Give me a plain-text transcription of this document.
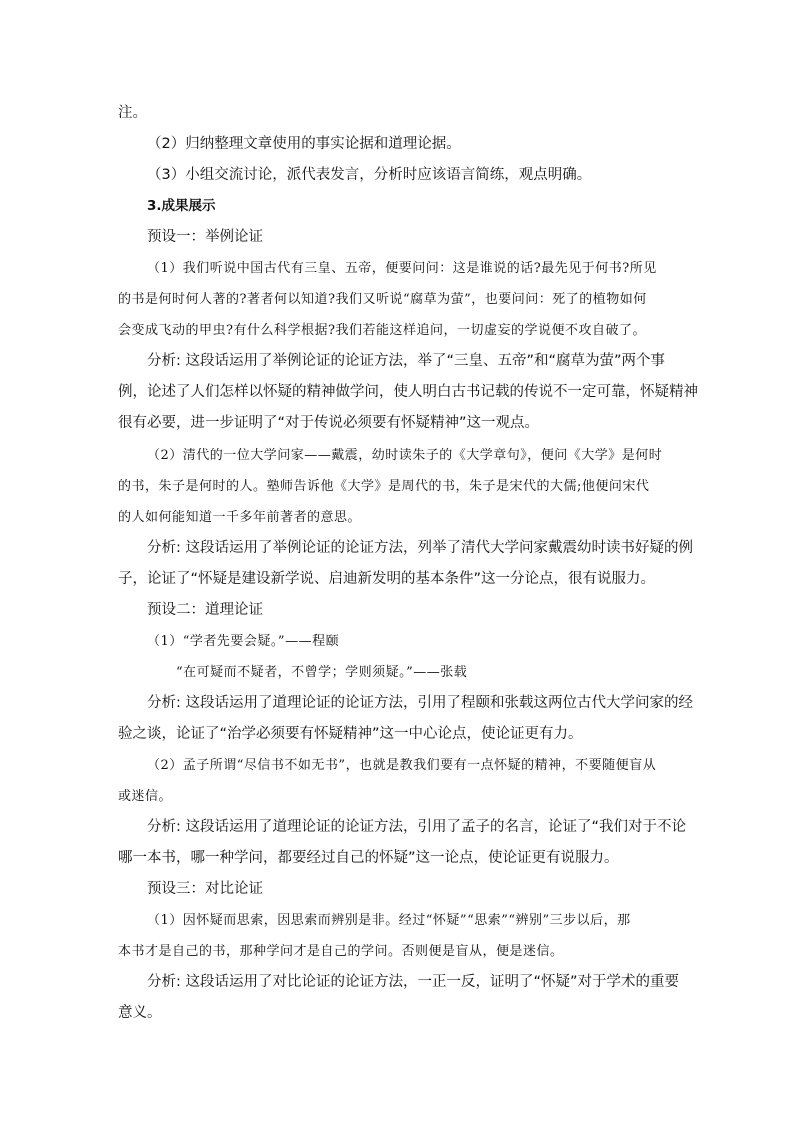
注。

（2）归纳整理文章使用的事实论据和道理论据。

（3）小组交流讨论，派代表发言，分析时应该语言简练，观点明确。

3.成果展示

预设一：举例论证

（1）我们听说中国古代有三皇、五帝，便要问问：这是谁说的话?最先见于何书?所见
的书是何时何人著的?著者何以知道?我们又听说“腐草为萤”，也要问问：死了的植物如何
会变成飞动的甲虫?有什么科学根据?我们若能这样追问，一切虚妄的学说便不攻自破了。
分析: 这段话运用了举例论证的论证方法，举了“三皇、五帝”和“腐草为萤”两个事
例，论述了人们怎样以怀疑的精神做学问，使人明白古书记载的传说不一定可靠，怀疑精神
很有必要，进一步证明了“对于传说必须要有怀疑精神”这一观点。
（2）清代的一位大学问家——戴震，幼时读朱子的《大学章句》，便问《大学》是何时
的书，朱子是何时的人。塾师告诉他《大学》是周代的书，朱子是宋代的大儒;他便问宋代
的人如何能知道一千多年前著者的意思。
分析: 这段话运用了举例论证的论证方法，列举了清代大学问家戴震幼时读书好疑的例
子，论证了“怀疑是建设新学说、启迪新发明的基本条件”这一分论点，很有说服力。

预设二：道理论证

（1）“学者先要会疑。”——程颐

“在可疑而不疑者，不曾学；学则须疑。”——张载

分析: 这段话运用了道理论证的论证方法，引用了程颐和张载这两位古代大学问家的经
验之谈，论证了“治学必须要有怀疑精神”这一中心论点，使论证更有力。
（2）孟子所谓“尽信书不如无书”，也就是教我们要有一点怀疑的精神，不要随便盲从
或迷信。
分析: 这段话运用了道理论证的论证方法，引用了孟子的名言，论证了“我们对于不论
哪一本书，哪一种学问，都要经过自己的怀疑”这一论点，使论证更有说服力。

预设三：对比论证

（1）因怀疑而思索，因思索而辨别是非。经过“怀疑”“思索”“辨别”三步以后，那
本书才是自己的书，那种学问才是自己的学问。否则便是盲从，便是迷信。
分析: 这段话运用了对比论证的论证方法，一正一反，证明了“怀疑”对于学术的重要
意义。
